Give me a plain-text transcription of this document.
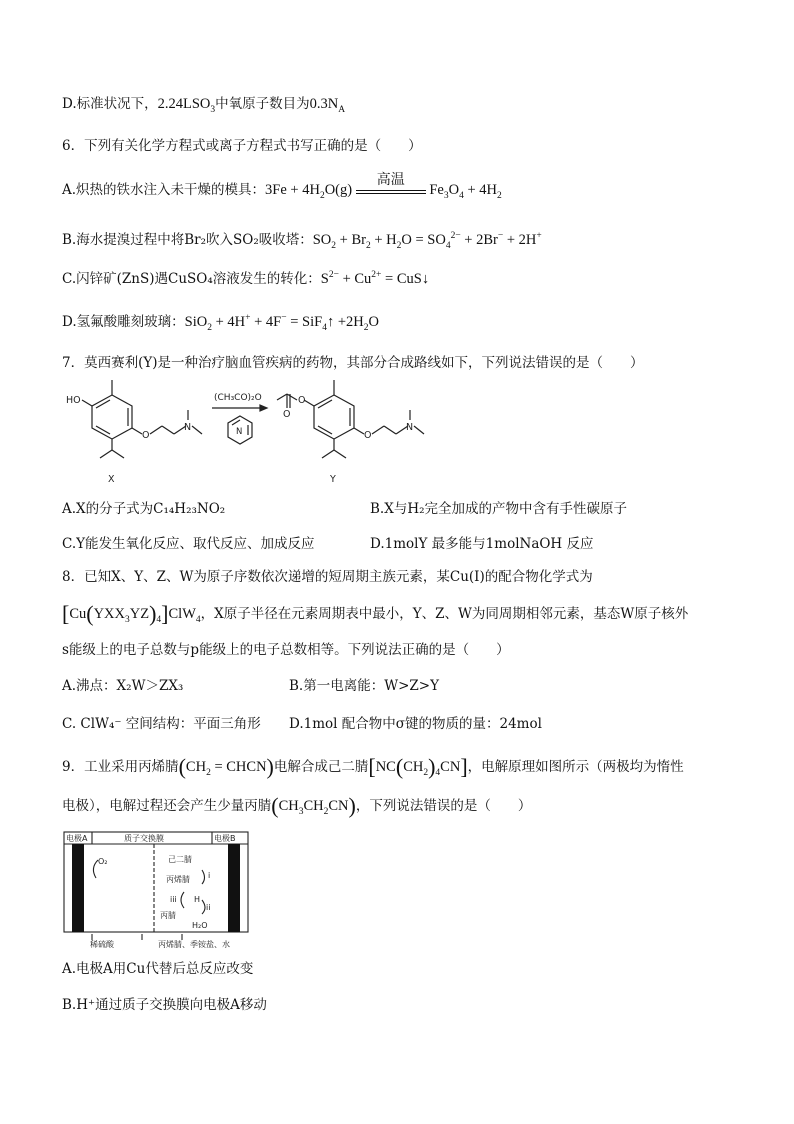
D.标准状况下，$2.24LSO_3$中氧原子数目为$0.3N_A$
6．下列有关化学方程式或离子方程式书写正确的是（　　）
A.炽热的铁水注入未干燥的模具：$3Fe + 4H_2O(g)$
高温
$Fe_3O_4 + 4H_2$
B.海水提溴过程中将Br₂吹入SO₂吸收塔：$SO_2 + Br_2 + H_2O = SO_4^{2-} + 2Br^- + 2H^+$
C.闪锌矿(ZnS)遇CuSO₄溶液发生的转化：$S^{2-} + Cu^{2+}$ = CuS↓
D.氢氟酸雕刻玻璃：SiO$_2$ + 4H+ + 4F− = SiF$_4$↑ $+2H_2O$
7．莫西赛利(Y)是一种治疗脑血管疾病的药物，其部分合成路线如下，下列说法错误的是（　　）
HO
O
N
O
O
O
N
N
(CH₃CO)₂O
X	Y
A.X的分子式为C₁₄H₂₃NO₂	B.X与H₂完全加成的产物中含有手性碳原子
C.Y能发生氧化反应、取代反应、加成反应	D.1molY 最多能与1molNaOH 反应
8．已知X、Y、Z、W为原子序数依次递增的短周期主族元素，某Cu(I)的配合物化学式为
$[Cu(YXX_3YZ)_4]ClW_4$，X原子半径在元素周期表中最小，Y、Z、W为同周期相邻元素，基态W原子核外
s能级上的电子总数与p能级上的电子总数相等。下列说法正确的是（　　）
A.沸点：X₂W＞ZX₃	B.第一电离能：W>Z>Y
C. ClW₄⁻ 空间结构：平面三角形 D.1mol 配合物中σ键的物质的量：24mol
9．工业采用丙烯腈($CH_2$ = CHCN)电解合成己二腈$[NC(CH_2)_4CN]$，电解原理如图所示（两极均为惰性
电极），电解过程还会产生少量丙腈$(CH_3CH_2CN)$，下列说法错误的是（　　）
电极A	质子交换膜	电极B
O₂	己二腈
丙烯腈 i
iii H
ii
丙腈
H₂O
稀硫酸	丙烯腈、季铵盐、水
A.电极A用Cu代替后总反应改变
B.H⁺通过质子交换膜向电极A移动
